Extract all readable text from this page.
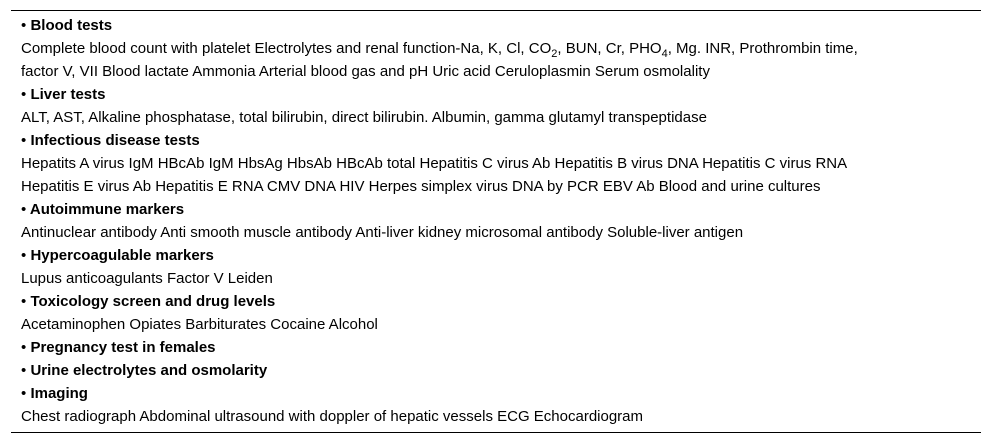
• Blood tests
Complete blood count with platelet Electrolytes and renal function-Na, K, Cl, $CO_2$, BUN, Cr, $PHO_4$, Mg. INR, Prothrombin time,
factor V, VII Blood lactate Ammonia Arterial blood gas and pH Uric acid Ceruloplasmin Serum osmolality
• Liver tests
ALT, AST, Alkaline phosphatase, total bilirubin, direct bilirubin. Albumin, gamma glutamyl transpeptidase
• Infectious disease tests
Hepatits A virus IgM HBcAb IgM HbsAg HbsAb HBcAb total Hepatitis C virus Ab Hepatitis B virus DNA Hepatitis C virus RNA
Hepatitis E virus Ab Hepatitis E RNA CMV DNA HIV Herpes simplex virus DNA by PCR EBV Ab Blood and urine cultures
• Autoimmune markers
Antinuclear antibody Anti smooth muscle antibody Anti-liver kidney microsomal antibody Soluble-liver antigen
• Hypercoagulable markers
Lupus anticoagulants Factor V Leiden
• Toxicology screen and drug levels
Acetaminophen Opiates Barbiturates Cocaine Alcohol
• Pregnancy test in females
• Urine electrolytes and osmolarity
• Imaging
Chest radiograph Abdominal ultrasound with doppler of hepatic vessels ECG Echocardiogram
